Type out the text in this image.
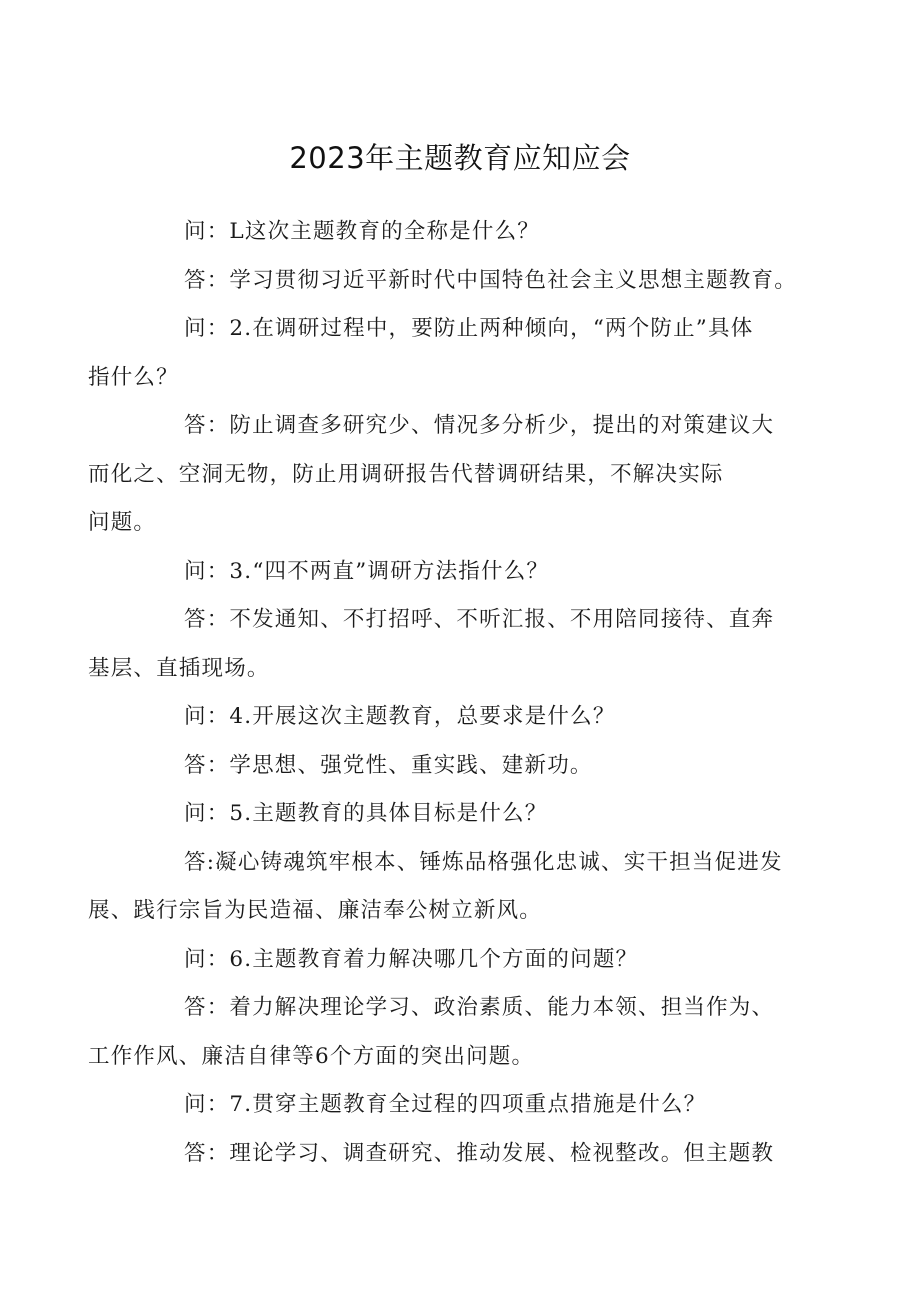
2023年主题教育应知应会

问：L这次主题教育的全称是什么？

答：学习贯彻习近平新时代中国特色社会主义思想主题教育。

问：2.在调研过程中，要防止两种倾向，“两个防止”具体
指什么？

答：防止调查多研究少、情况多分析少，提出的对策建议大
而化之、空洞无物，防止用调研报告代替调研结果，不解决实际
问题。

问：3.“四不两直”调研方法指什么？

答：不发通知、不打招呼、不听汇报、不用陪同接待、直奔
基层、直插现场。

问：4.开展这次主题教育，总要求是什么？

答：学思想、强党性、重实践、建新功。

问：5.主题教育的具体目标是什么？

答:凝心铸魂筑牢根本、锤炼品格强化忠诚、实干担当促进发
展、践行宗旨为民造福、廉洁奉公树立新风。

问：6.主题教育着力解决哪几个方面的问题？

答：着力解决理论学习、政治素质、能力本领、担当作为、
工作作风、廉洁自律等6个方面的突出问题。

问：7.贯穿主题教育全过程的四项重点措施是什么？

答：理论学习、调查研究、推动发展、检视整改。但主题教
